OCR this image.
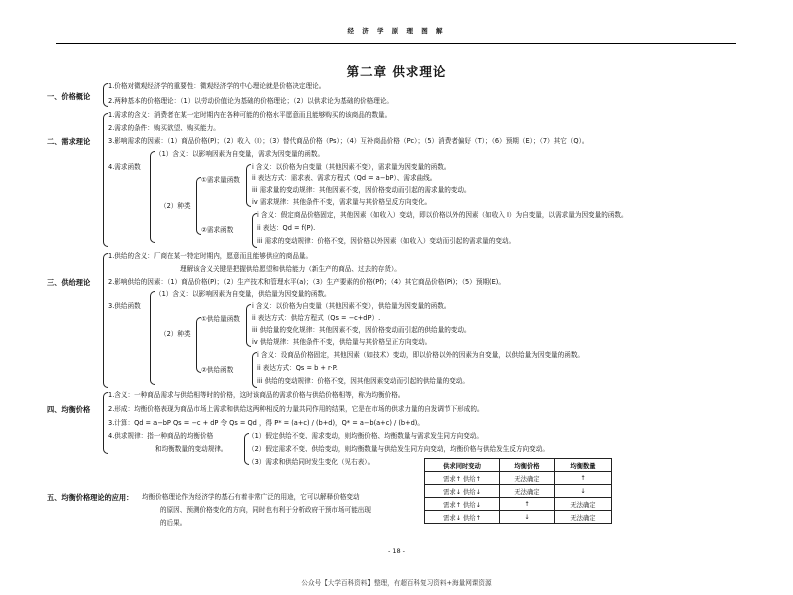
经 济 学 原 理 图 解
第二章 供求理论
一、价格概论
1.价格对微观经济学的重要性：微观经济学的中心理论就是价格决定理论。
2.两种基本的价格理论：（1）以劳动价值论为基础的价格理论；（2）以供求论为基础的价格理论。
二、需求理论
1.需求的含义：消费者在某一定时期内在各种可能的价格水平愿意而且能够购买的该商品的数量。
2.需求的条件：购买欲望、购买能力。
3.影响需求的因素：（1）商品价格(P)；（2）收入（I）；（3）替代商品价格（Ps）；（4）互补商品价格（Pc）；（5）消费者偏好（T）；（6）预期（E）；（7）其它（Q）。
4.需求函数
（1）含义：以影响因素为自变量，需求为因变量的函数。
（2）种类
①需求量函数
i 含义：以价格为自变量（其他因素不变），需求量为因变量的函数。
ii 表达方式：需求表、需求方程式（Qd = a−bP）、需求曲线。
iii 需求量的变动规律：其他因素不变，因价格变动而引起的需求量的变动。
iv 需求规律：其他条件不变，需求量与其价格呈反方向变化。
②需求函数
i 含义：假定商品价格固定，其他因素（如收入）变动，即以价格以外的因素（如收入 I）为自变量，以需求量为因变量的函数。
ii 表达：Qd = f(P).
iii 需求的变动规律：价格不变，因价格以外因素（如收入）变动而引起的需求量的变动。
三、供给理论
1.供给的含义：厂商在某一特定时期内，愿意而且能够供应的商品量。
理解该含义关键是把握供给愿望和供给能力（新生产的商品、过去的存货）。
2.影响供给的因素：（1）商品价格(P)；（2）生产技术和管理水平(a)；（3）生产要素的价格(Pf)；（4）其它商品价格(Pi)；（5）预期(E)。
3.供给函数
（1）含义：以影响因素为自变量，供给量为因变量的函数。
（2）种类
①供给量函数
i 含义：以价格为自变量（其他因素不变），供给量为因变量的函数。
ii 表达方式：供给方程式（Qs = −c+dP）.
iii 供给量的变化规律：其他因素不变，因价格变动而引起的供给量的变动。
iv 供给规律：其他条件不变，供给量与其价格呈正方向变动。
②供给函数
i 含义：设商品价格固定，其他因素（如技术）变动，即以价格以外的因素为自变量，以供给量为因变量的函数。
ii 表达方式：Qs = b + r·P.
iii 供给的变动规律：价格不变，因其他因素变动而引起的供给量的变动。
四、均衡价格
1.含义：一种商品需求与供给相等时的价格，这时该商品的需求价格与供给价格相等，称为均衡价格。
2.形成：均衡价格表现为商品市场上需求和供给这两种相反的力量共同作用的结果，它是在市场的供求力量的自发调节下形成的。
3.计算：Qd = a−bP Qs = −c + dP 令 Qs = Qd ，得 P* = (a+c) / (b+d)，Q* = a−b(a+c) / (b+d)。
4.供求规律：指一种商品的均衡价格
和均衡数量的变动规律。
（1）假定供给不变、需求变动，则均衡价格、均衡数量与需求发生同方向变动。
（2）假定需求不变、供给变动，则均衡数量与供给发生同方向变动，均衡价格与供给发生反方向变动。
（3）需求和供给同时发生变化（见右表）。	供求同时变动	均衡价格	均衡数量
需求↑ 供给↑	无法确定	↑
需求↓ 供给↓	无法确定	↓
需求↑ 供给↓	↑	无法确定
需求↓ 供给↑	↓	无法确定
五、均衡价格理论的应用： 均衡价格理论作为经济学的基石有着非常广泛的用途，它可以解释价格变动
的原因、预测价格变化的方向，同时也有利于分析政府干预市场可能出现
的后果。
- 18 -
公众号【大学百科资料】整理，有超百科复习资料+海量网课资源
